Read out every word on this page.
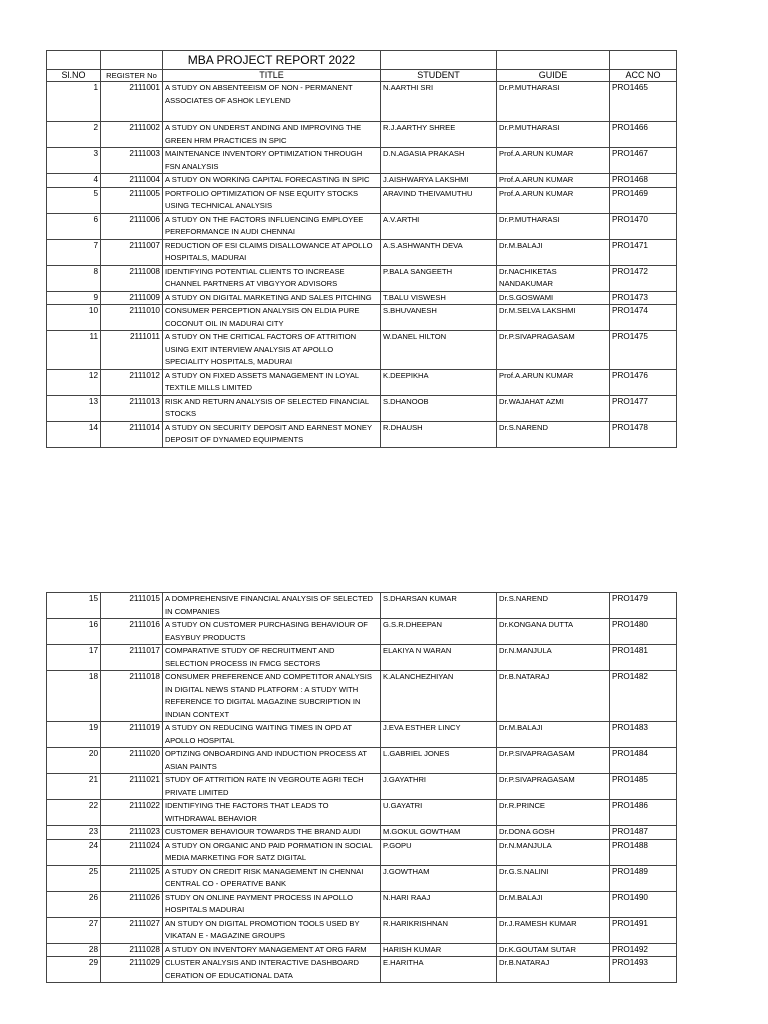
		MBA PROJECT REPORT 2022			
Sl.NO	REGISTER No	TITLE	STUDENT	GUIDE	ACC NO
1	2111001	A STUDY ON ABSENTEEISM OF NON - PERMANENT ASSOCIATES OF ASHOK LEYLEND	N.AARTHI SRI	Dr.P.MUTHARASI	PRO1465
2	2111002	A STUDY ON UNDERST ANDING AND IMPROVING THE GREEN HRM PRACTICES IN SPIC	R.J.AARTHY SHREE	Dr.P.MUTHARASI	PRO1466
3	2111003	MAINTENANCE INVENTORY OPTIMIZATION THROUGH FSN ANALYSIS	D.N.AGASIA PRAKASH	Prof.A.ARUN KUMAR	PRO1467
4	2111004	A STUDY ON WORKING CAPITAL FORECASTING IN SPIC	J.AISHWARYA LAKSHMI	Prof.A.ARUN KUMAR	PRO1468
5	2111005	PORTFOLIO OPTIMIZATION OF NSE EQUITY STOCKS USING TECHNICAL ANALYSIS	ARAVIND THEIVAMUTHU	Prof.A.ARUN KUMAR	PRO1469
6	2111006	A STUDY ON THE FACTORS INFLUENCING EMPLOYEE PEREFORMANCE IN AUDI CHENNAI	A.V.ARTHI	Dr.P.MUTHARASI	PRO1470
7	2111007	REDUCTION OF ESI CLAIMS DISALLOWANCE AT APOLLO HOSPITALS, MADURAI	A.S.ASHWANTH DEVA	Dr.M.BALAJI	PRO1471
8	2111008	IDENTIFYING POTENTIAL CLIENTS TO INCREASE CHANNEL PARTNERS AT VIBGYYOR ADVISORS	P.BALA SANGEETH	Dr.NACHIKETAS NANDAKUMAR	PRO1472
9	2111009	A STUDY ON DIGITAL MARKETING AND SALES PITCHING	T.BALU VISWESH	Dr.S.GOSWAMI	PRO1473
10	2111010	CONSUMER PERCEPTION ANALYSIS ON ELDIA PURE COCONUT OIL IN MADURAI CITY	S.BHUVANESH	Dr.M.SELVA LAKSHMI	PRO1474
11	2111011	A STUDY ON THE CRITICAL FACTORS OF ATTRITION USING EXIT INTERVIEW ANALYSIS AT APOLLO SPECIALITY HOSPITALS, MADURAI	W.DANEL HILTON	Dr.P.SIVAPRAGASAM	PRO1475
12	2111012	A STUDY ON FIXED ASSETS MANAGEMENT IN LOYAL TEXTILE MILLS LIMITED	K.DEEPIKHA	Prof.A.ARUN KUMAR	PRO1476
13	2111013	RISK AND RETURN ANALYSIS OF SELECTED FINANCIAL STOCKS	S.DHANOOB	Dr.WAJAHAT AZMI	PRO1477
14	2111014	A STUDY ON SECURITY DEPOSIT AND EARNEST MONEY DEPOSIT OF DYNAMED EQUIPMENTS	R.DHAUSH	Dr.S.NAREND	PRO1478
15	2111015	A DOMPREHENSIVE FINANCIAL ANALYSIS OF SELECTED IN COMPANIES	S.DHARSAN KUMAR	Dr.S.NAREND	PRO1479
16	2111016	A STUDY ON CUSTOMER PURCHASING BEHAVIOUR OF EASYBUY PRODUCTS	G.S.R.DHEEPAN	Dr.KONGANA DUTTA	PRO1480
17	2111017	COMPARATIVE STUDY OF RECRUITMENT AND SELECTION PROCESS IN FMCG SECTORS	ELAKIYA N WARAN	Dr.N.MANJULA	PRO1481
18	2111018	CONSUMER PREFERENCE AND COMPETITOR ANALYSIS IN DIGITAL NEWS STAND PLATFORM : A STUDY WITH REFERENCE TO DIGITAL MAGAZINE SUBCRIPTION IN INDIAN CONTEXT	K.ALANCHEZHIYAN	Dr.B.NATARAJ	PRO1482
19	2111019	A STUDY ON REDUCING WAITING TIMES IN OPD AT APOLLO HOSPITAL	J.EVA ESTHER LINCY	Dr.M.BALAJI	PRO1483
20	2111020	OPTIZING ONBOARDING AND INDUCTION PROCESS AT ASIAN PAINTS	L.GABRIEL JONES	Dr.P.SIVAPRAGASAM	PRO1484
21	2111021	STUDY OF ATTRITION RATE IN VEGROUTE AGRI TECH PRIVATE LIMITED	J.GAYATHRI	Dr.P.SIVAPRAGASAM	PRO1485
22	2111022	IDENTIFYING THE FACTORS THAT LEADS TO WITHDRAWAL BEHAVIOR	U.GAYATRI	Dr.R.PRINCE	PRO1486
23	2111023	CUSTOMER BEHAVIOUR TOWARDS THE BRAND AUDI	M.GOKUL GOWTHAM	Dr.DONA GOSH	PRO1487
24	2111024	A STUDY ON ORGANIC AND PAID PORMATION IN SOCIAL MEDIA MARKETING FOR SATZ DIGITAL	P.GOPU	Dr.N.MANJULA	PRO1488
25	2111025	A STUDY ON CREDIT RISK MANAGEMENT IN CHENNAI CENTRAL CO - OPERATIVE BANK	J.GOWTHAM	Dr.G.S.NALINI	PRO1489
26	2111026	STUDY ON ONLINE PAYMENT PROCESS IN APOLLO HOSPITALS MADURAI	N.HARI RAAJ	Dr.M.BALAJI	PRO1490
27	2111027	AN STUDY ON DIGITAL PROMOTION TOOLS USED BY VIKATAN E - MAGAZINE GROUPS	R.HARIKRISHNAN	Dr.J.RAMESH KUMAR	PRO1491
28	2111028	A STUDY ON INVENTORY MANAGEMENT AT ORG FARM	HARISH KUMAR	Dr.K.GOUTAM SUTAR	PRO1492
29	2111029	CLUSTER ANALYSIS AND INTERACTIVE DASHBOARD CERATION OF EDUCATIONAL DATA	E.HARITHA	Dr.B.NATARAJ	PRO1493
